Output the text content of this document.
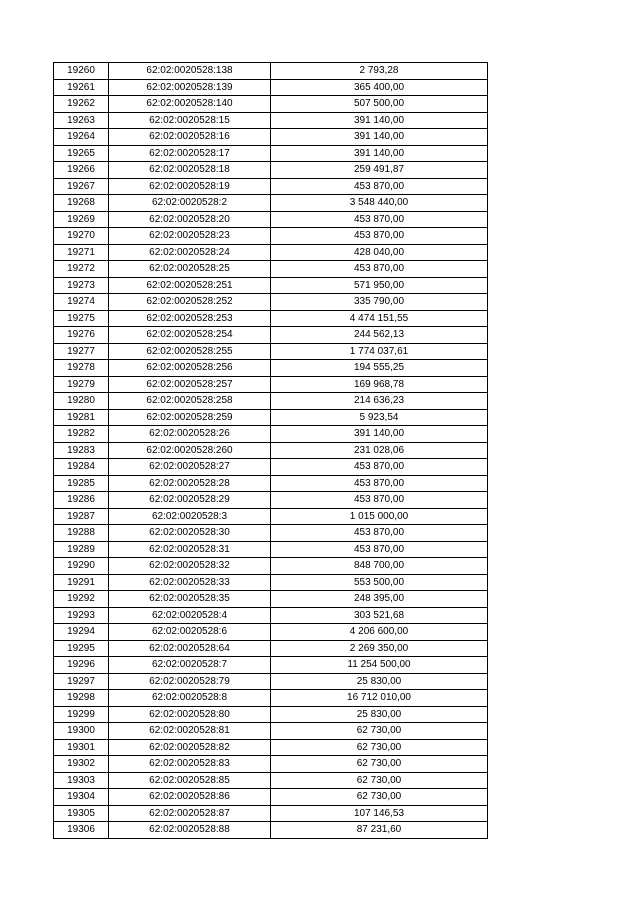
19260	62:02:0020528:138	2 793,28
19261	62:02:0020528:139	365 400,00
19262	62:02:0020528:140	507 500,00
19263	62:02:0020528:15	391 140,00
19264	62:02:0020528:16	391 140,00
19265	62:02:0020528:17	391 140,00
19266	62:02:0020528:18	259 491,87
19267	62:02:0020528:19	453 870,00
19268	62:02:0020528:2	3 548 440,00
19269	62:02:0020528:20	453 870,00
19270	62:02:0020528:23	453 870,00
19271	62:02:0020528:24	428 040,00
19272	62:02:0020528:25	453 870,00
19273	62:02:0020528:251	571 950,00
19274	62:02:0020528:252	335 790,00
19275	62:02:0020528:253	4 474 151,55
19276	62:02:0020528:254	244 562,13
19277	62:02:0020528:255	1 774 037,61
19278	62:02:0020528:256	194 555,25
19279	62:02:0020528:257	169 968,78
19280	62:02:0020528:258	214 636,23
19281	62:02:0020528:259	5 923,54
19282	62:02:0020528:26	391 140,00
19283	62:02:0020528:260	231 028,06
19284	62:02:0020528:27	453 870,00
19285	62:02:0020528:28	453 870,00
19286	62:02:0020528:29	453 870,00
19287	62:02:0020528:3	1 015 000,00
19288	62:02:0020528:30	453 870,00
19289	62:02:0020528:31	453 870,00
19290	62:02:0020528:32	848 700,00
19291	62:02:0020528:33	553 500,00
19292	62:02:0020528:35	248 395,00
19293	62:02:0020528:4	303 521,68
19294	62:02:0020528:6	4 206 600,00
19295	62:02:0020528:64	2 269 350,00
19296	62:02:0020528:7	11 254 500,00
19297	62:02:0020528:79	25 830,00
19298	62:02:0020528:8	16 712 010,00
19299	62:02:0020528:80	25 830,00
19300	62:02:0020528:81	62 730,00
19301	62:02:0020528:82	62 730,00
19302	62:02:0020528:83	62 730,00
19303	62:02:0020528:85	62 730,00
19304	62:02:0020528:86	62 730,00
19305	62:02:0020528:87	107 146,53
19306	62:02:0020528:88	87 231,60
